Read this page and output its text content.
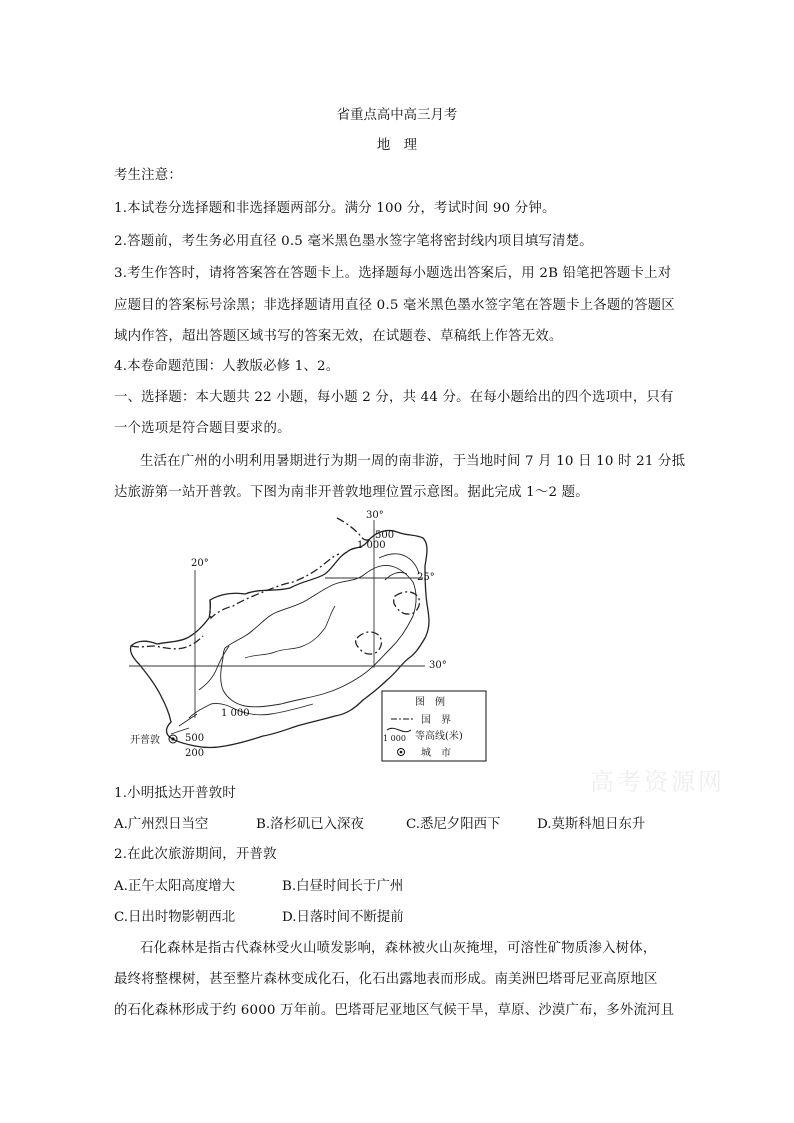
省重点高中高三月考
地　理
考生注意：
1.本试卷分选择题和非选择题两部分。满分 100 分，考试时间 90 分钟。
2.答题前，考生务必用直径 0.5 毫米黑色墨水签字笔将密封线内项目填写清楚。
3.考生作答时，请将答案答在答题卡上。选择题每小题选出答案后，用 2B 铅笔把答题卡上对
应题目的答案标号涂黑；非选择题请用直径 0.5 毫米黑色墨水签字笔在答题卡上各题的答题区
域内作答，超出答题区域书写的答案无效，在试题卷、草稿纸上作答无效。
4.本卷命题范围：人教版必修 1、2。
一、选择题：本大题共 22 小题，每小题 2 分，共 44 分。在每小题给出的四个选项中，只有
一个选项是符合题目要求的。
生活在广州的小明利用暑期进行为期一周的南非游，于当地时间 7 月 10 日 10 时 21 分抵
达旅游第一站开普敦。下图为南非开普敦地理位置示意图。据此完成 1～2 题。
30°
25°
30°
20°
500
1 000
1 000
500
200
开普敦
图　例
国　界
1 000 等高线(米)
城　市
高考资源网
1.小明抵达开普敦时
A.广州烈日当空	B.洛杉矶已入深夜	C.悉尼夕阳西下	D.莫斯科旭日东升
2.在此次旅游期间，开普敦
A.正午太阳高度增大	B.白昼时间长于广州
C.日出时物影朝西北	D.日落时间不断提前
石化森林是指古代森林受火山喷发影响，森林被火山灰掩埋，可溶性矿物质渗入树体，
最终将整棵树，甚至整片森林变成化石，化石出露地表而形成。南美洲巴塔哥尼亚高原地区
的石化森林形成于约 6000 万年前。巴塔哥尼亚地区气候干旱，草原、沙漠广布，多外流河且
